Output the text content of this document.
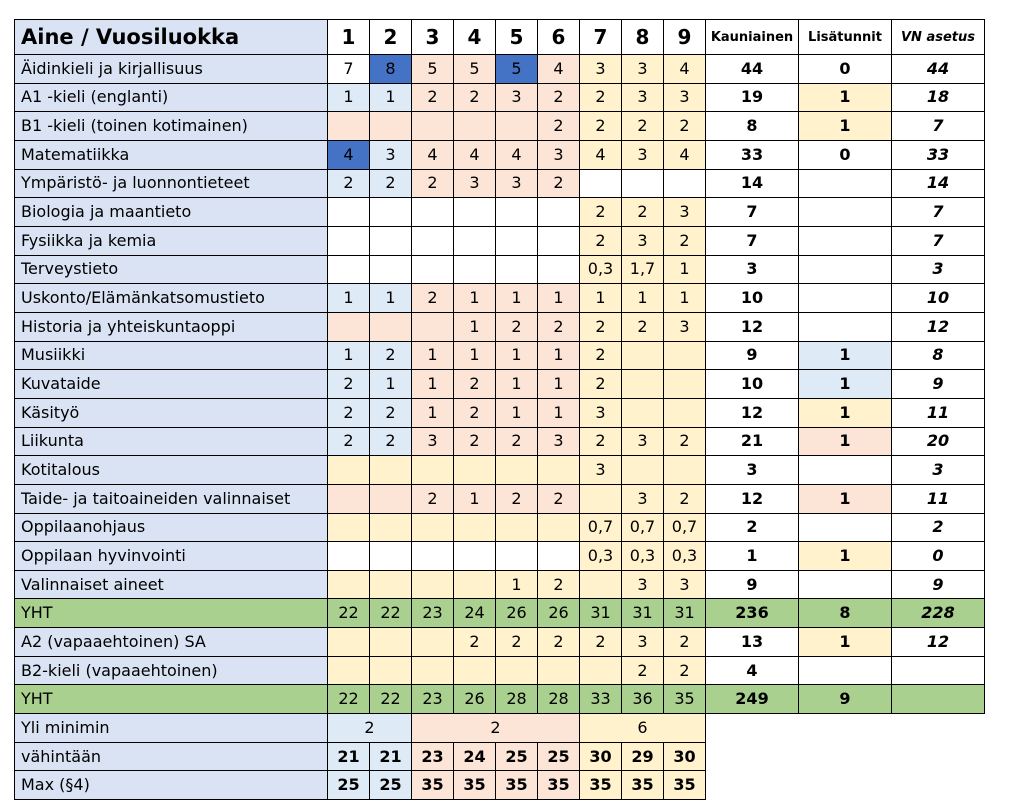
Aine / Vuosiluokka	1	2	3	4	5	6	7	8	9	Kauniainen	Lisätunnit	VN asetus
Äidinkieli ja kirjallisuus	7	8	5	5	5	4	3	3	4	44	0	44
A1 -kieli (englanti)	1	1	2	2	3	2	2	3	3	19	1	18
B1 -kieli (toinen kotimainen)						2	2	2	2	8	1	7
Matematiikka	4	3	4	4	4	3	4	3	4	33	0	33
Ympäristö- ja luonnontieteet	2	2	2	3	3	2				14		14
Biologia ja maantieto							2	2	3	7		7
Fysiikka ja kemia							2	3	2	7		7
Terveystieto							0,3	1,7	1	3		3
Uskonto/Elämänkatsomustieto	1	1	2	1	1	1	1	1	1	10		10
Historia ja yhteiskuntaoppi				1	2	2	2	2	3	12		12
Musiikki	1	2	1	1	1	1	2			9	1	8
Kuvataide	2	1	1	2	1	1	2			10	1	9
Käsityö	2	2	1	2	1	1	3			12	1	11
Liikunta	2	2	3	2	2	3	2	3	2	21	1	20
Kotitalous							3			3		3
Taide- ja taitoaineiden valinnaiset			2	1	2	2		3	2	12	1	11
Oppilaanohjaus							0,7	0,7	0,7	2		2
Oppilaan hyvinvointi							0,3	0,3	0,3	1	1	0
Valinnaiset aineet					1	2		3	3	9		9
YHT	22	22	23	24	26	26	31	31	31	236	8	228
A2 (vapaaehtoinen) SA				2	2	2	2	3	2	13	1	12
B2-kieli (vapaaehtoinen)								2	2	4		
YHT	22	22	23	26	28	28	33	36	35	249	9	
Yli minimin	2		2				6					
vähintään	21	21	23	24	25	25	30	29	30			
Max (§4)	25	25	35	35	35	35	35	35	35			
